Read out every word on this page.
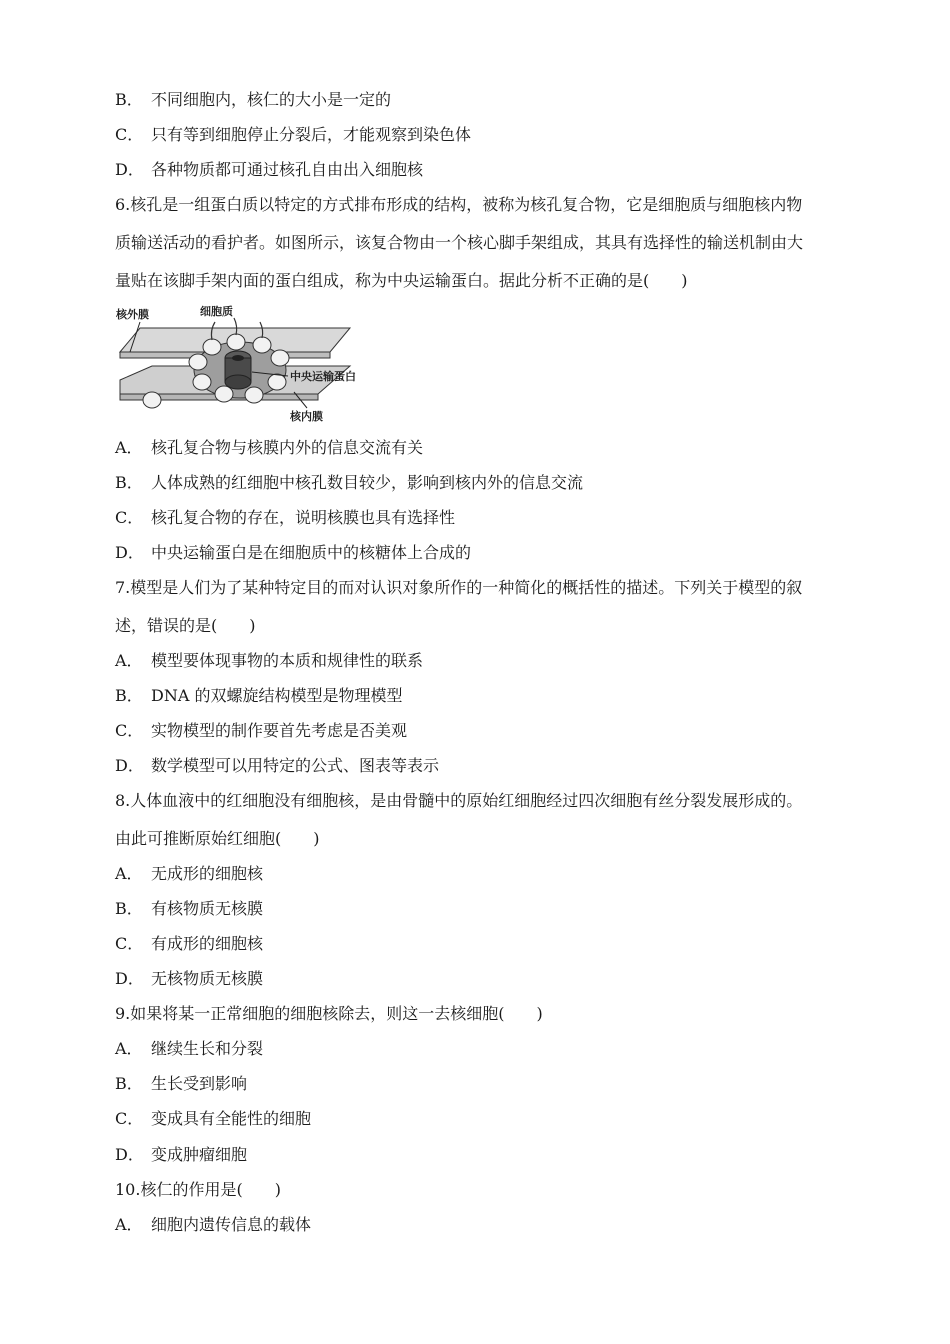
B． 不同细胞内，核仁的大小是一定的
C． 只有等到细胞停止分裂后，才能观察到染色体
D． 各种物质都可通过核孔自由出入细胞核
6.核孔是一组蛋白质以特定的方式排布形成的结构，被称为核孔复合物，它是细胞质与细胞核内物
质输送活动的看护者。如图所示，该复合物由一个核心脚手架组成，其具有选择性的输送机制由大
量贴在该脚手架内面的蛋白组成，称为中央运输蛋白。据此分析不正确的是(　　)
核外膜	细胞质
中央运输蛋白
核内膜
A． 核孔复合物与核膜内外的信息交流有关
B． 人体成熟的红细胞中核孔数目较少，影响到核内外的信息交流
C． 核孔复合物的存在，说明核膜也具有选择性
D． 中央运输蛋白是在细胞质中的核糖体上合成的
7.模型是人们为了某种特定目的而对认识对象所作的一种简化的概括性的描述。下列关于模型的叙
述，错误的是(　　)
A． 模型要体现事物的本质和规律性的联系
B． DNA 的双螺旋结构模型是物理模型
C． 实物模型的制作要首先考虑是否美观
D． 数学模型可以用特定的公式、图表等表示
8.人体血液中的红细胞没有细胞核，是由骨髓中的原始红细胞经过四次细胞有丝分裂发展形成的。
由此可推断原始红细胞(　　)
A． 无成形的细胞核
B． 有核物质无核膜
C． 有成形的细胞核
D． 无核物质无核膜
9.如果将某一正常细胞的细胞核除去，则这一去核细胞(　　)
A． 继续生长和分裂
B． 生长受到影响
C． 变成具有全能性的细胞
D． 变成肿瘤细胞
10.核仁的作用是(　　)
A． 细胞内遗传信息的载体
